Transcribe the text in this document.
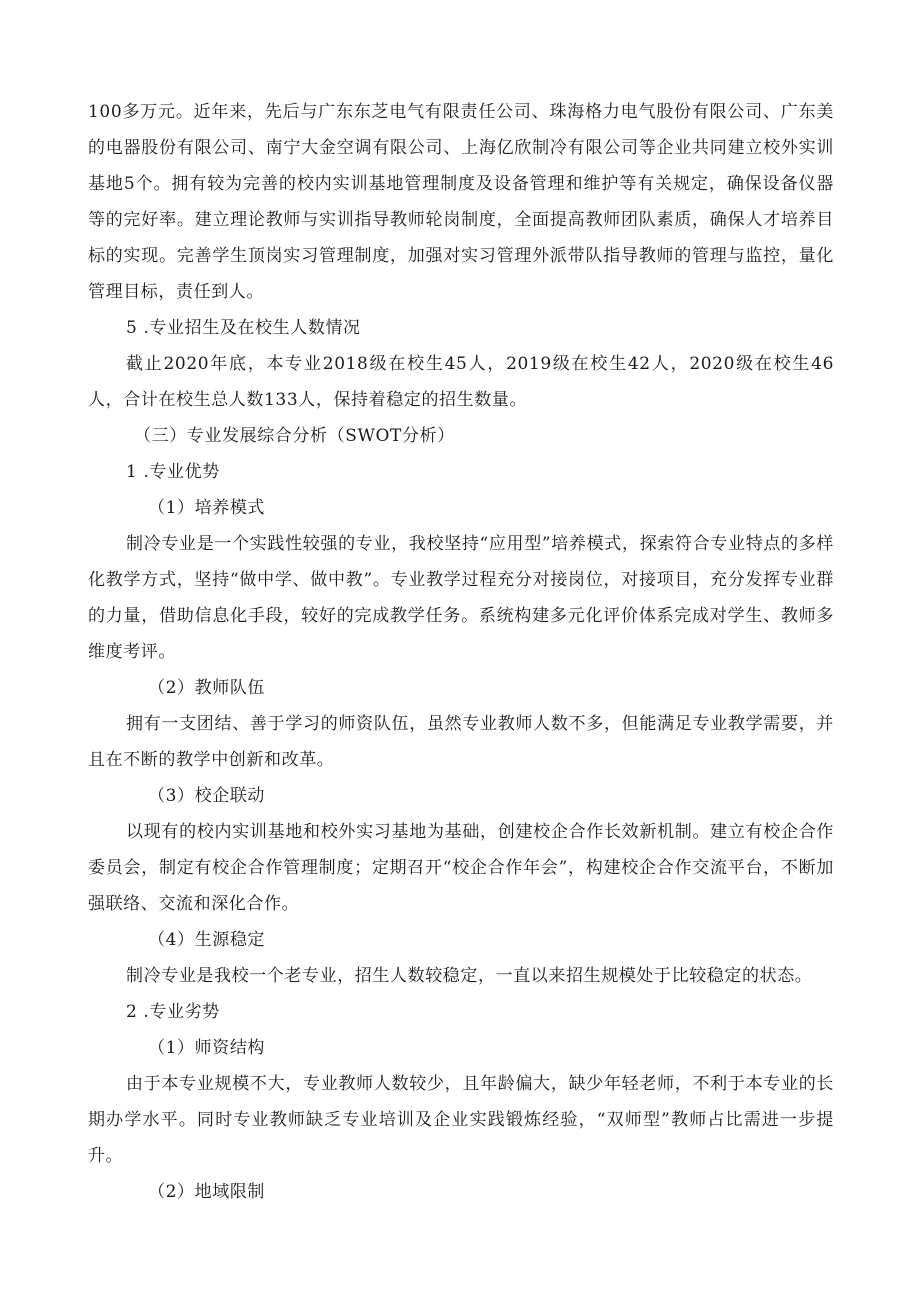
100多万元。近年来，先后与广东东芝电气有限责任公司、珠海格力电气股份有限公司、广东美的电器股份有限公司、南宁大金空调有限公司、上海亿欣制冷有限公司等企业共同建立校外实训基地5个。拥有较为完善的校内实训基地管理制度及设备管理和维护等有关规定，确保设备仪器等的完好率。建立理论教师与实训指导教师轮岗制度，全面提高教师团队素质，确保人才培养目标的实现。完善学生顶岗实习管理制度，加强对实习管理外派带队指导教师的管理与监控，量化管理目标，责任到人。

5 .专业招生及在校生人数情况

截止2020年底，本专业2018级在校生45人，2019级在校生42人，2020级在校生46人，合计在校生总人数133人，保持着稳定的招生数量。

（三）专业发展综合分析（SWOT分析）

1 .专业优势

（1）培养模式

制冷专业是一个实践性较强的专业，我校坚持“应用型”培养模式，探索符合专业特点的多样化教学方式，坚持“做中学、做中教”。专业教学过程充分对接岗位，对接项目，充分发挥专业群的力量，借助信息化手段，较好的完成教学任务。系统构建多元化评价体系完成对学生、教师多维度考评。

（2）教师队伍

拥有一支团结、善于学习的师资队伍，虽然专业教师人数不多，但能满足专业教学需要，并且在不断的教学中创新和改革。

（3）校企联动

以现有的校内实训基地和校外实习基地为基础，创建校企合作长效新机制。建立有校企合作委员会，制定有校企合作管理制度；定期召开“校企合作年会”，构建校企合作交流平台，不断加强联络、交流和深化合作。

（4）生源稳定

制冷专业是我校一个老专业，招生人数较稳定，一直以来招生规模处于比较稳定的状态。

2 .专业劣势

（1）师资结构

由于本专业规模不大，专业教师人数较少，且年龄偏大，缺少年轻老师，不利于本专业的长期办学水平。同时专业教师缺乏专业培训及企业实践锻炼经验，“双师型”教师占比需进一步提升。

（2）地域限制
